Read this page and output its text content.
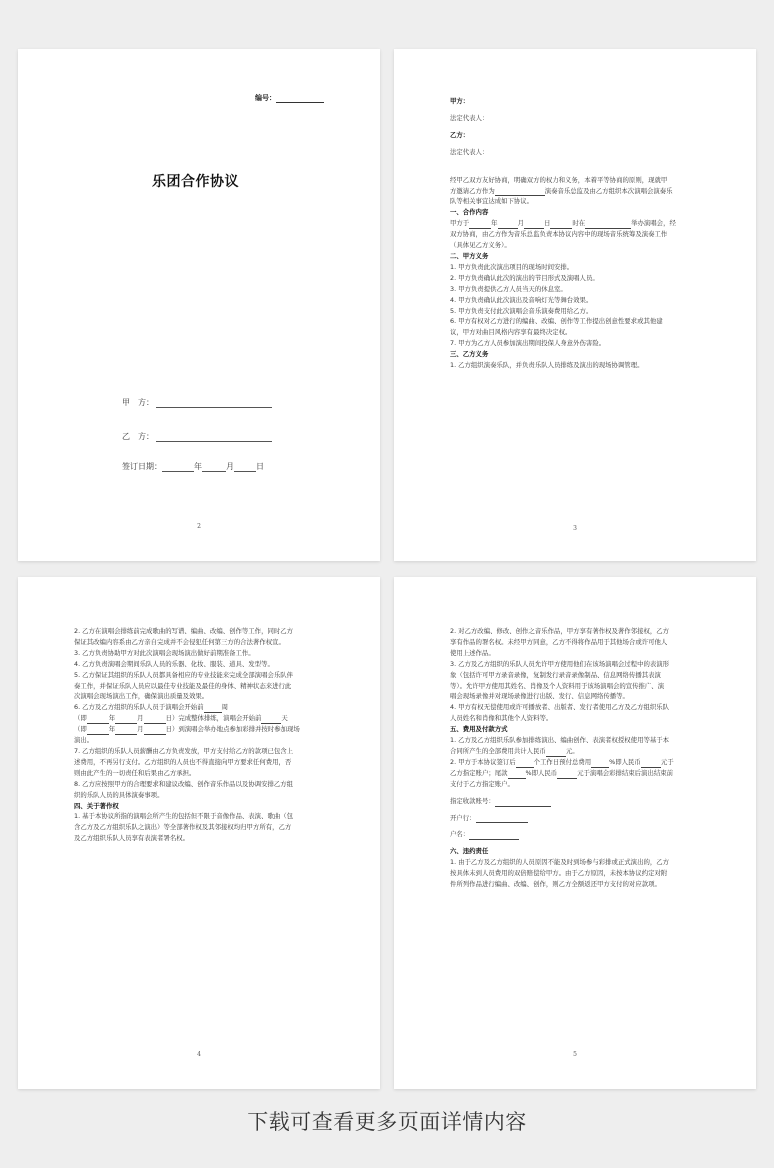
编号：
乐团合作协议
甲　方：
乙　方：
签订日期：	年	月	日
2
甲方：
法定代表人：
乙方：
法定代表人：
经甲乙双方友好协商，明确双方的权力和义务，本着平等协商的原则，现就甲
方邀请乙方作为	演奏音乐总监及由乙方组织本次演唱会演奏乐
队等相关事宜达成如下协议。
一、合作内容
甲方于	年	月	日	时在	举办演唱会，经
双方协商，由乙方作为音乐总监负责本协议内容中的现场音乐统筹及演奏工作
（具体见乙方义务）。
二、甲方义务
1. 甲方负责此次演出项目的现场时间安排。
2. 甲方负责确认此次的演出的节目形式及演唱人员。
3. 甲方负责提供乙方人员当天的休息室。
4. 甲方负责确认此次演出及音响灯光等舞台效果。
5. 甲方负责支付此次演唱会音乐演奏费用给乙方。
6. 甲方有权对乙方进行的编曲、改编、创作等工作提出创意性要求或其他建
议，甲方对曲目风格内容享有最终决定权。
7. 甲方为乙方人员参加演出期间投保人身意外伤害险。
三、乙方义务
1. 乙方组织演奏乐队，并负责乐队人员排练及演出的现场协调管理。
3
2. 乙方在演唱会排练前完成歌曲的写谱、编曲、改编、创作等工作，同时乙方
保证其改编内容系由乙方亲自完成并不会侵犯任何第三方的合法著作权宣。
3. 乙方负责协助甲方对此次演唱会现场演出做好前期准备工作。
4. 乙方负责演唱会期间乐队人员的乐器、化妆、服装、道具、发型等。
5. 乙方保证其组织的乐队人员都具备相应的专业技能来完成全部演唱会乐队伴
奏工作，并保证乐队人员应以最佳专业技能及最佳的身体、精神状态来进行此
次演唱会现场演出工作，确保演出质量及效果。
6. 乙方及乙方组织的乐队人员于演唱会开始前	周
（即	年	月	日）完成整体排练，演唱会开始前	天
（即	年	月	日）到演唱会举办地点参加彩排并按时参加现场
演出。
7. 乙方组织的乐队人员薪酬由乙方负责发放，甲方支付给乙方的款项已包含上
述费用，不再另行支付。乙方组织的人员也不得直接向甲方要求任何费用，否
则由此产生的一切责任和后果由乙方承担。
8. 乙方应按照甲方的合理要求和建议改编、创作音乐作品以及协调安排乙方组
织的乐队人员的具体演奏事项。
四、关于著作权
1. 基于本协议所指的演唱会所产生的包括但不限于音像作品、表演、歌曲（包
含乙方及乙方组织乐队之演出）等全部著作权及其邻接权均归甲方所有，乙方
及乙方组织乐队人员享有表演者署名权。
4
2. 对乙方改编、修改、创作之音乐作品，甲方享有著作权及著作邻接权，乙方
享有作品的署名权。未经甲方同意，乙方不得将作品用于其他场合或许可他人
使用上述作品。
3. 乙方及乙方组织的乐队人员允许甲方使用他们在该场演唱会过程中的表演形
象（包括许可甲方录音录像，复制发行录音录像制品、信息网络传播其表演
等）。允许甲方使用其姓名、肖像及个人资料用于该场演唱会的宣传推广、演
唱会现场录像并对现场录像进行出版、发行、信息网络传播等。
4. 甲方有权无偿使用或许可播放者、出版者、发行者使用乙方及乙方组织乐队
人员姓名和肖像和其他个人资料等。
五、费用及付款方式
1. 乙方及乙方组织乐队参加排练演出、编曲创作、表演者权授权使用等基于本
合同所产生的全部费用共计人民币	元。
2. 甲方于本协议签订后	个工作日预付总费用	%即人民币	元于
乙方指定账户；尾款	%即人民币	元于演唱会彩排结束后演出结束前
支付于乙方指定账户。
指定收款账号：
开户行：
户名：
六、违约责任
1. 由于乙方及乙方组织的人员原因不能及时到场参与彩排或正式演出的，乙方
按具体未到人员费用的双倍赔偿给甲方。由于乙方原因，未按本协议约定对附
件所列作品进行编曲、改编、创作，则乙方全额返还甲方支付的对应款项。
5
下载可查看更多页面详情内容
